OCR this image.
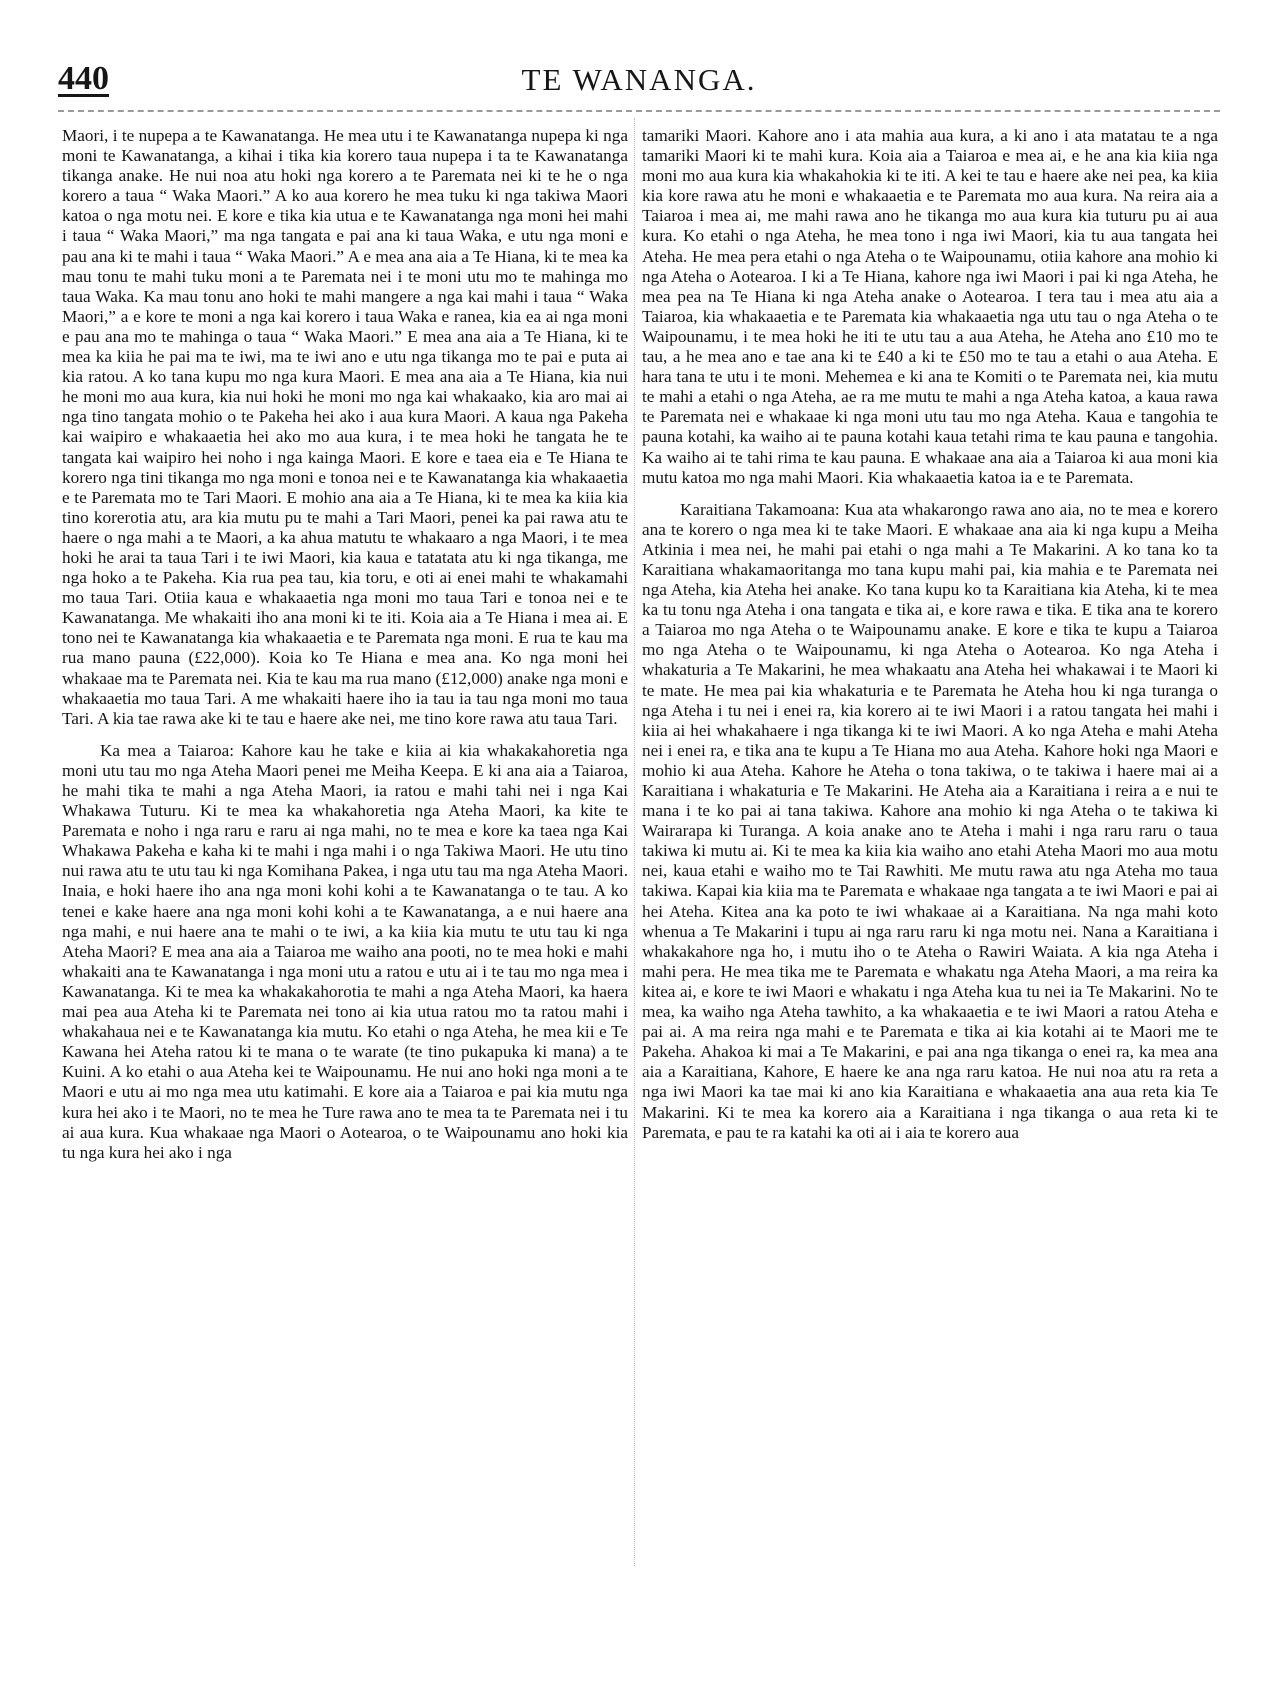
440	TE WANANGA.

Maori, i te nupepa a te Kawanatanga. He mea utu i te Kawanatanga nupepa ki nga moni te Kawanatanga, a kihai i tika kia korero taua nupepa i ta te Kawanatanga tikanga anake. He nui noa atu hoki nga korero a te Paremata nei ki te he o nga korero a taua “ Waka Maori.” A ko aua korero he mea tuku ki nga takiwa Maori katoa o nga motu nei. E kore e tika kia utua e te Kawanatanga nga moni hei mahi i taua “ Waka Maori,” ma nga tangata e pai ana ki taua Waka, e utu nga moni e pau ana ki te mahi i taua “ Waka Maori.” A e mea ana aia a Te Hiana, ki te mea ka mau tonu te mahi tuku moni a te Paremata nei i te moni utu mo te mahinga mo taua Waka. Ka mau tonu ano hoki te mahi mangere a nga kai mahi i taua “ Waka Maori,” a e kore te moni a nga kai korero i taua Waka e ranea, kia ea ai nga moni e pau ana mo te mahinga o taua “ Waka Maori.” E mea ana aia a Te Hiana, ki te mea ka kiia he pai ma te iwi, ma te iwi ano e utu nga tikanga mo te pai e puta ai kia ratou. A ko tana kupu mo nga kura Maori. E mea ana aia a Te Hiana, kia nui he moni mo aua kura, kia nui hoki he moni mo nga kai whakaako, kia aro mai ai nga tino tangata mohio o te Pakeha hei ako i aua kura Maori. A kaua nga Pakeha kai waipiro e whakaaetia hei ako mo aua kura, i te mea hoki he tangata he te tangata kai waipiro hei noho i nga kainga Maori. E kore e taea eia e Te Hiana te korero nga tini tikanga mo nga moni e tonoa nei e te Kawanatanga kia whakaaetia e te Paremata mo te Tari Maori. E mohio ana aia a Te Hiana, ki te mea ka kiia kia tino korerotia atu, ara kia mutu pu te mahi a Tari Maori, penei ka pai rawa atu te haere o nga mahi a te Maori, a ka ahua matutu te whakaaro a nga Maori, i te mea hoki he arai ta taua Tari i te iwi Maori, kia kaua e tatatata atu ki nga tikanga, me nga hoko a te Pakeha. Kia rua pea tau, kia toru, e oti ai enei mahi te whakamahi mo taua Tari. Otiia kaua e whakaaetia nga moni mo taua Tari e tonoa nei e te Kawanatanga. Me whakaiti iho ana moni ki te iti. Koia aia a Te Hiana i mea ai. E tono nei te Kawanatanga kia whakaaetia e te Paremata nga moni. E rua te kau ma rua mano pauna (£22,000). Koia ko Te Hiana e mea ana. Ko nga moni hei whakaae ma te Paremata nei. Kia te kau ma rua mano (£12,000) anake nga moni e whakaaetia mo taua Tari. A me whakaiti haere iho ia tau ia tau nga moni mo taua Tari. A kia tae rawa ake ki te tau e haere ake nei, me tino kore rawa atu taua Tari.

Ka mea a Taiaroa: Kahore kau he take e kiia ai kia whakakahoretia nga moni utu tau mo nga Ateha Maori penei me Meiha Keepa. E ki ana aia a Taiaroa, he mahi tika te mahi a nga Ateha Maori, ia ratou e mahi tahi nei i nga Kai Whakawa Tuturu. Ki te mea ka whakahoretia nga Ateha Maori, ka kite te Paremata e noho i nga raru e raru ai nga mahi, no te mea e kore ka taea nga Kai Whakawa Pakeha e kaha ki te mahi i nga mahi i o nga Takiwa Maori. He utu tino nui rawa atu te utu tau ki nga Komihana Pakea, i nga utu tau ma nga Ateha Maori. Inaia, e hoki haere iho ana nga moni kohi kohi a te Kawanatanga o te tau. A ko tenei e kake haere ana nga moni kohi kohi a te Kawanatanga, a e nui haere ana nga mahi, e nui haere ana te mahi o te iwi, a ka kiia kia mutu te utu tau ki nga Ateha Maori? E mea ana aia a Taiaroa me waiho ana pooti, no te mea hoki e mahi whakaiti ana te Kawanatanga i nga moni utu a ratou e utu ai i te tau mo nga mea i Kawanatanga. Ki te mea ka whakakahorotia te mahi a nga Ateha Maori, ka haera mai pea aua Ateha ki te Paremata nei tono ai kia utua ratou mo ta ratou mahi i whakahaua nei e te Kawanatanga kia mutu. Ko etahi o nga Ateha, he mea kii e Te Kawana hei Ateha ratou ki te mana o te warate (te tino pukapuka ki mana) a te Kuini. A ko etahi o aua Ateha kei te Waipounamu. He nui ano hoki nga moni a te Maori e utu ai mo nga mea utu katimahi. E kore aia a Taiaroa e pai kia mutu nga kura hei ako i te Maori, no te mea he Ture rawa ano te mea ta te Paremata nei i tu ai aua kura. Kua whakaae nga Maori o Aotearoa, o te Waipounamu ano hoki kia tu nga kura hei ako i nga

tamariki Maori. Kahore ano i ata mahia aua kura, a ki ano i ata matatau te a nga tamariki Maori ki te mahi kura. Koia aia a Taiaroa e mea ai, e he ana kia kiia nga moni mo aua kura kia whakahokia ki te iti. A kei te tau e haere ake nei pea, ka kiia kia kore rawa atu he moni e whakaaetia e te Paremata mo aua kura. Na reira aia a Taiaroa i mea ai, me mahi rawa ano he tikanga mo aua kura kia tuturu pu ai aua kura. Ko etahi o nga Ateha, he mea tono i nga iwi Maori, kia tu aua tangata hei Ateha. He mea pera etahi o nga Ateha o te Waipounamu, otiia kahore ana mohio ki nga Ateha o Aotearoa. I ki a Te Hiana, kahore nga iwi Maori i pai ki nga Ateha, he mea pea na Te Hiana ki nga Ateha anake o Aotearoa. I tera tau i mea atu aia a Taiaroa, kia whakaaetia e te Paremata kia whakaaetia nga utu tau o nga Ateha o te Waipounamu, i te mea hoki he iti te utu tau a aua Ateha, he Ateha ano £10 mo te tau, a he mea ano e tae ana ki te £40 a ki te £50 mo te tau a etahi o aua Ateha. E hara tana te utu i te moni. Mehemea e ki ana te Komiti o te Paremata nei, kia mutu te mahi a etahi o nga Ateha, ae ra me mutu te mahi a nga Ateha katoa, a kaua rawa te Paremata nei e whakaae ki nga moni utu tau mo nga Ateha. Kaua e tangohia te pauna kotahi, ka waiho ai te pauna kotahi kaua tetahi rima te kau pauna e tangohia. Ka waiho ai te tahi rima te kau pauna. E whakaae ana aia a Taiaroa ki aua moni kia mutu katoa mo nga mahi Maori. Kia whakaaetia katoa ia e te Paremata.

Karaitiana Takamoana: Kua ata whakarongo rawa ano aia, no te mea e korero ana te korero o nga mea ki te take Maori. E whakaae ana aia ki nga kupu a Meiha Atkinia i mea nei, he mahi pai etahi o nga mahi a Te Makarini. A ko tana ko ta Karaitiana whakamaoritanga mo tana kupu mahi pai, kia mahia e te Paremata nei nga Ateha, kia Ateha hei anake. Ko tana kupu ko ta Karaitiana kia Ateha, ki te mea ka tu tonu nga Ateha i ona tangata e tika ai, e kore rawa e tika. E tika ana te korero a Taiaroa mo nga Ateha o te Waipounamu anake. E kore e tika te kupu a Taiaroa mo nga Ateha o te Waipounamu, ki nga Ateha o Aotearoa. Ko nga Ateha i whakaturia a Te Makarini, he mea whakaatu ana Ateha hei whakawai i te Maori ki te mate. He mea pai kia whakaturia e te Paremata he Ateha hou ki nga turanga o nga Ateha i tu nei i enei ra, kia korero ai te iwi Maori i a ratou tangata hei mahi i kiia ai hei whakahaere i nga tikanga ki te iwi Maori. A ko nga Ateha e mahi Ateha nei i enei ra, e tika ana te kupu a Te Hiana mo aua Ateha. Kahore hoki nga Maori e mohio ki aua Ateha. Kahore he Ateha o tona takiwa, o te takiwa i haere mai ai a Karaitiana i whakaturia e Te Makarini. He Ateha aia a Karaitiana i reira a e nui te mana i te ko pai ai tana takiwa. Kahore ana mohio ki nga Ateha o te takiwa ki Wairarapa ki Turanga. A koia anake ano te Ateha i mahi i nga raru raru o taua takiwa ki mutu ai. Ki te mea ka kiia kia waiho ano etahi Ateha Maori mo aua motu nei, kaua etahi e waiho mo te Tai Rawhiti. Me mutu rawa atu nga Ateha mo taua takiwa. Kapai kia kiia ma te Paremata e whakaae nga tangata a te iwi Maori e pai ai hei Ateha. Kitea ana ka poto te iwi whakaae ai a Karaitiana. Na nga mahi koto whenua a Te Makarini i tupu ai nga raru raru ki nga motu nei. Nana a Karaitiana i whakakahore nga ho, i mutu iho o te Ateha o Rawiri Waiata. A kia nga Ateha i mahi pera. He mea tika me te Paremata e whakatu nga Ateha Maori, a ma reira ka kitea ai, e kore te iwi Maori e whakatu i nga Ateha kua tu nei ia Te Makarini. No te mea, ka waiho nga Ateha tawhito, a ka whakaaetia e te iwi Maori a ratou Ateha e pai ai. A ma reira nga mahi e te Paremata e tika ai kia kotahi ai te Maori me te Pakeha. Ahakoa ki mai a Te Makarini, e pai ana nga tikanga o enei ra, ka mea ana aia a Karaitiana, Kahore, E haere ke ana nga raru katoa. He nui noa atu ra reta a nga iwi Maori ka tae mai ki ano kia Karaitiana e whakaaetia ana aua reta kia Te Makarini. Ki te mea ka korero aia a Karaitiana i nga tikanga o aua reta ki te Paremata, e pau te ra katahi ka oti ai i aia te korero aua
